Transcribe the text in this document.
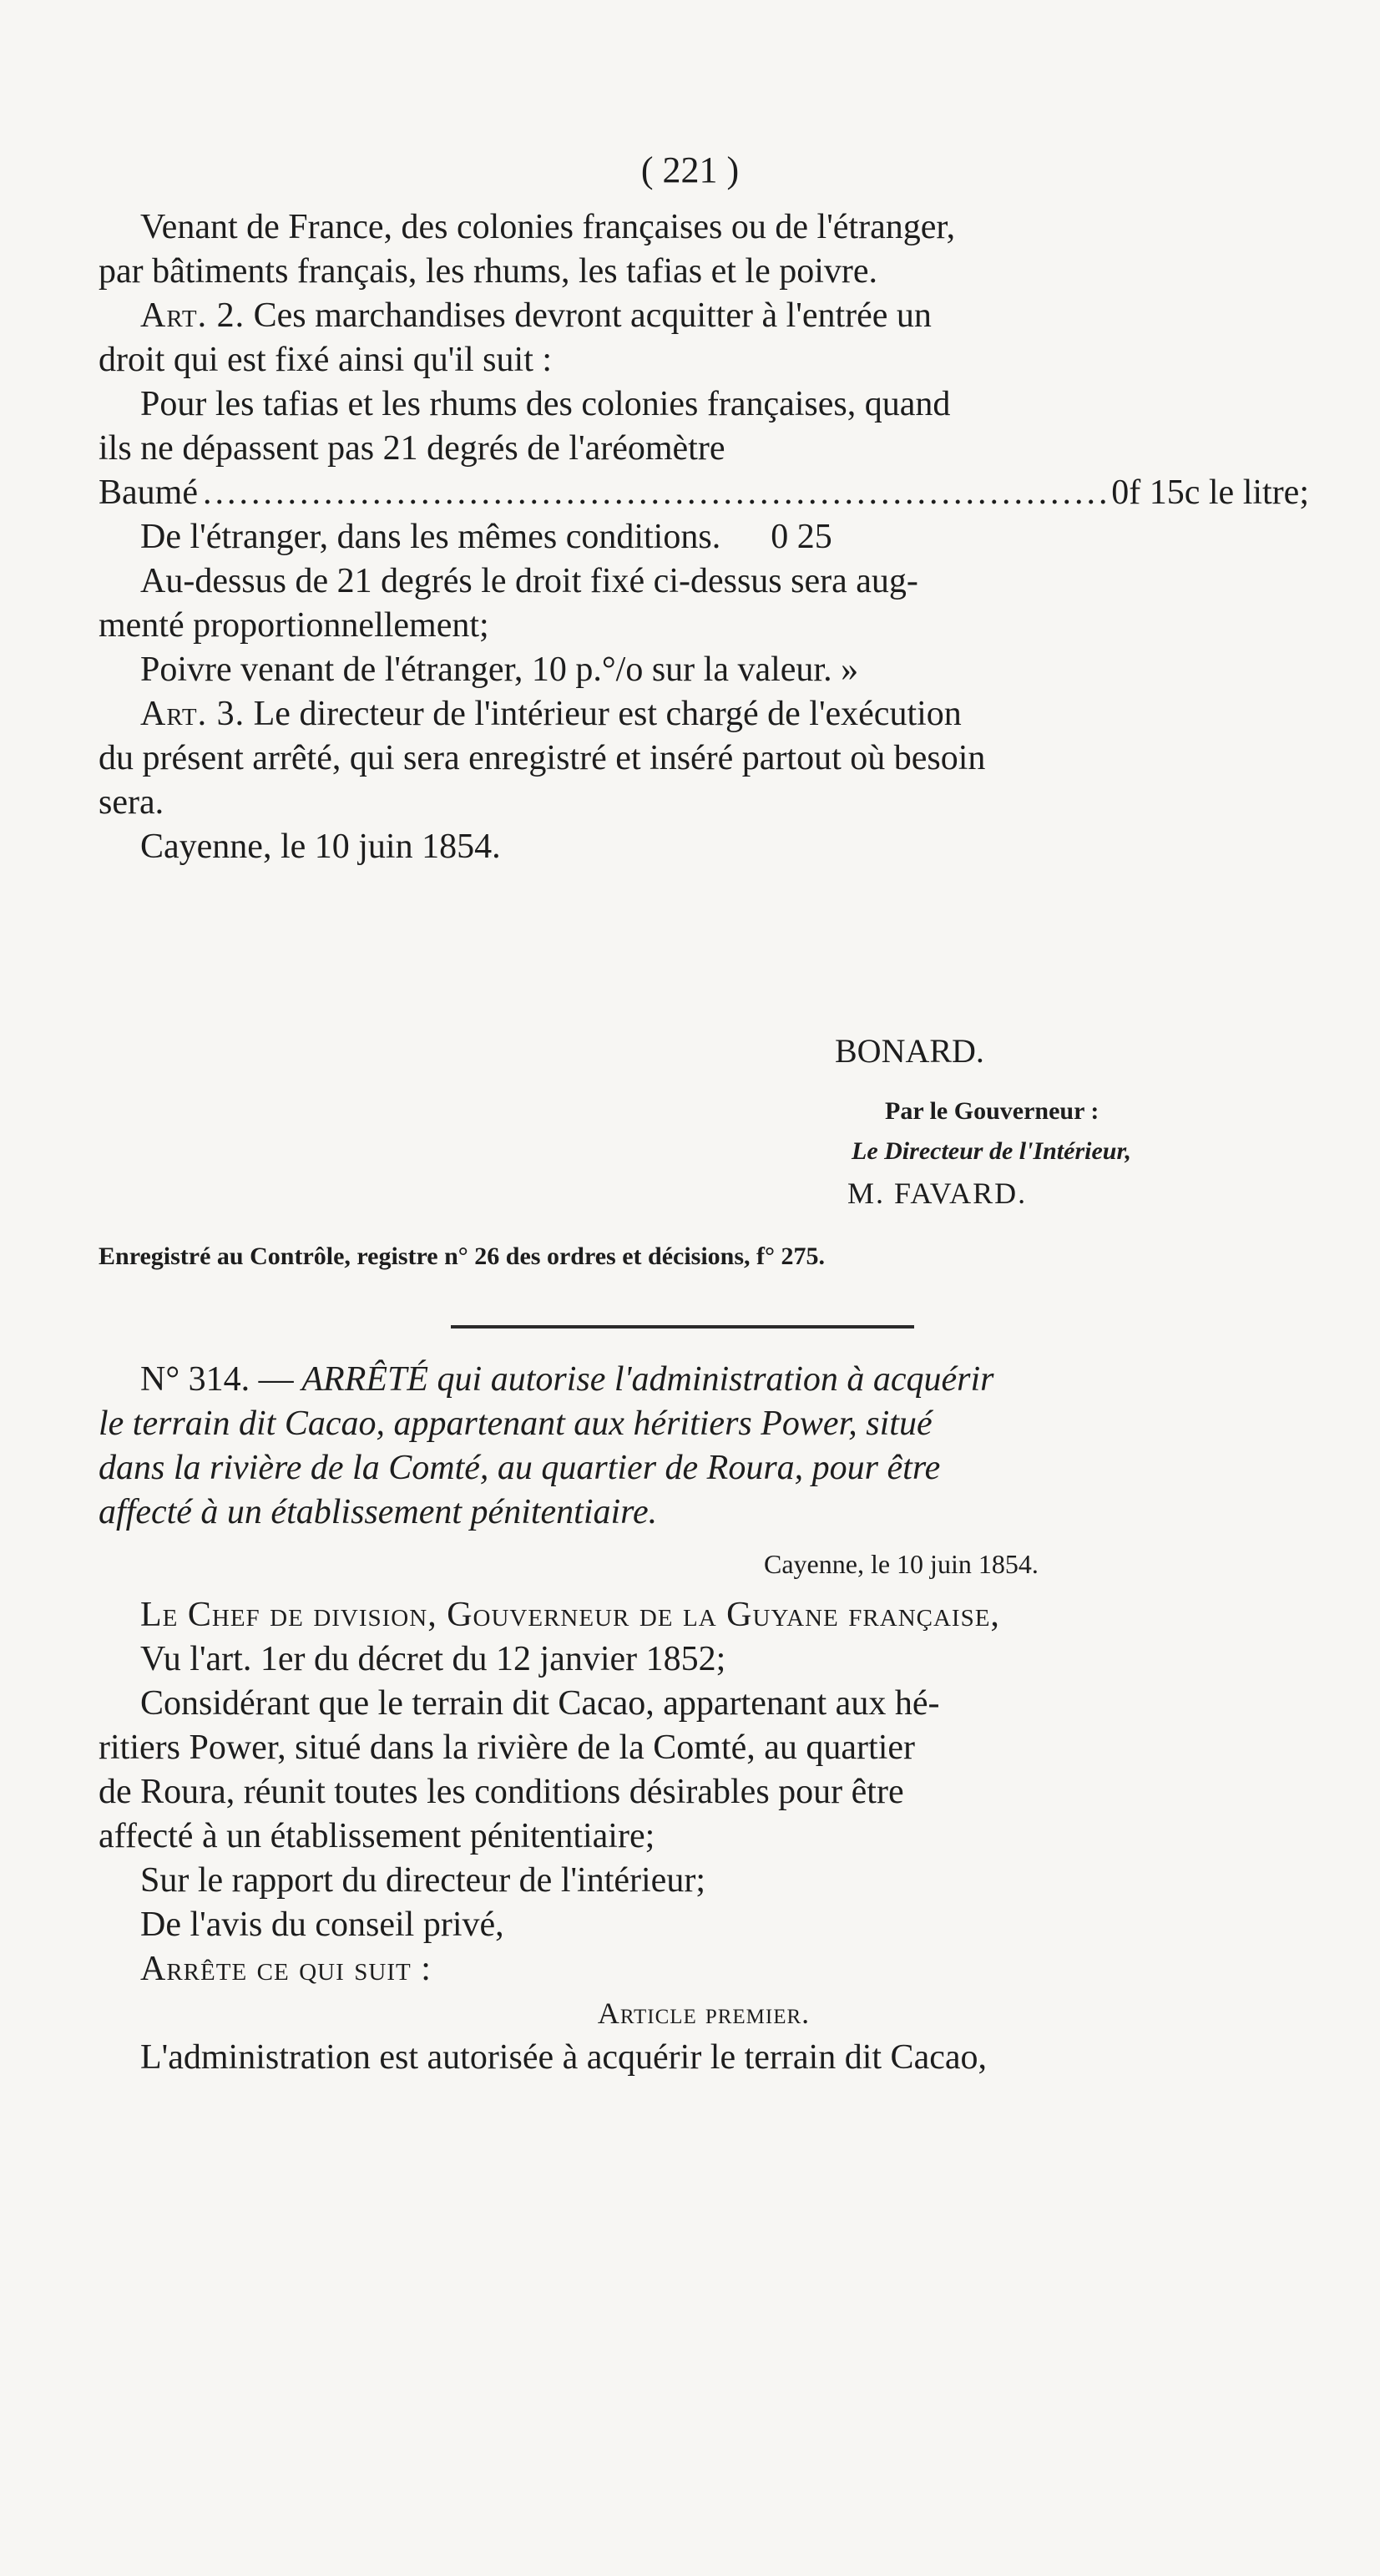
( 221 )
Venant de France, des colonies françaises ou de l'étranger,
par bâtiments français, les rhums, les tafias et le poivre.
Art. 2. Ces marchandises devront acquitter à l'entrée un
droit qui est fixé ainsi qu'il suit :
Pour les tafias et les rhums des colonies françaises, quand
ils ne dépassent pas 21 degrés de l'aréomètre
Baumé
.....	0f 15c le litre;
De l'étranger, dans les mêmes conditions. 0 25
Au-dessus de 21 degrés le droit fixé ci-dessus sera aug-
menté proportionnellement;
Poivre venant de l'étranger, 10 p.°/o sur la valeur. »
Art. 3. Le directeur de l'intérieur est chargé de l'exécution
du présent arrêté, qui sera enregistré et inséré partout où besoin
sera.
Cayenne, le 10 juin 1854.
BONARD.
Par le Gouverneur :
Le Directeur de l'Intérieur,
M. FAVARD.
Enregistré au Contrôle, registre n° 26 des ordres et décisions, f° 275.
N° 314. — ARRÊTÉ qui autorise l'administration à acquérir
le terrain dit Cacao, appartenant aux héritiers Power, situé
dans la rivière de la Comté, au quartier de Roura, pour être
affecté à un établissement pénitentiaire.
Cayenne, le 10 juin 1854.
Le Chef de division, Gouverneur de la Guyane française,
Vu l'art. 1er du décret du 12 janvier 1852;
Considérant que le terrain dit Cacao, appartenant aux hé-
ritiers Power, situé dans la rivière de la Comté, au quartier
de Roura, réunit toutes les conditions désirables pour être
affecté à un établissement pénitentiaire;
Sur le rapport du directeur de l'intérieur;
De l'avis du conseil privé,
Arrête ce qui suit :
Article premier.
L'administration est autorisée à acquérir le terrain dit Cacao,
